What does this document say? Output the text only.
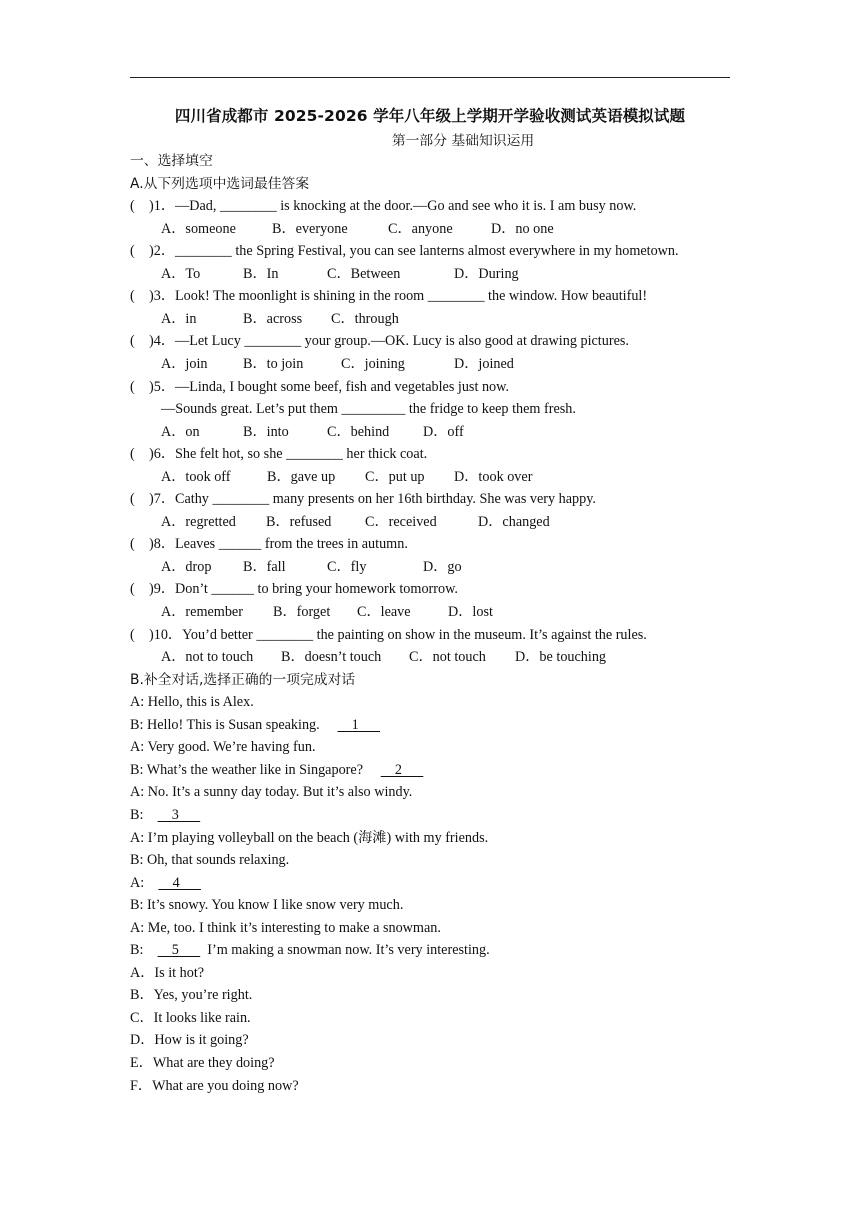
四川省成都市 2025-2026 学年八年级上学期开学验收测试英语模拟试题
第一部分 基础知识运用
一、选择填空
A.从下列选项中选词最佳答案
( )1．—Dad, ________ is knocking at the door.—Go and see who it is. I am busy now.
A．someone	B．everyone	C．anyone	D．no one
( )2．________ the Spring Festival, you can see lanterns almost everywhere in my hometown.
A．To	B．In	C．Between	D．During
( )3．Look! The moonlight is shining in the room ________ the window. How beautiful!
A．in	B．across C．through
( )4．—Let Lucy ________ your group.—OK. Lucy is also good at drawing pictures.
A．join B．to join	C．joining	D．joined
( )5．—Linda, I bought some beef, fish and vegetables just now.
—Sounds great. Let’s put them _________ the fridge to keep them fresh.
A．on	B．into	C．behind D．off
( )6．She felt hot, so she ________ her thick coat.
A．took off	B．gave up C．put up D．took over
( )7．Cathy ________ many presents on her 16th birthday. She was very happy.
A．regretted B．refused C．received	D．changed
( )8．Leaves ______ from the trees in autumn.
A．drop B．fall	C．fly	D．go
( )9．Don’t ______ to bring your homework tomorrow.
A．remember B．forget C．leave	D．lost
( )10．You’d better ________ the painting on show in the museum. It’s against the rules.
A．not to touch B．doesn’t touch C．not touch D．be touching
B.补全对话,选择正确的一项完成对话
A: Hello, this is Alex.
B: Hello! This is Susan speaking.         1
A: Very good. We’re having fun.
B: What’s the weather like in Singapore?         2
A: No. It’s a sunny day today. But it’s also windy.
B:        3
A: I’m playing volleyball on the beach (海滩) with my friends.
B: Oh, that sounds relaxing.
A:        4
B: It’s snowy. You know I like snow very much.
A: Me, too. I think it’s interesting to make a snowman.
B:        5        I’m making a snowman now. It’s very interesting.
A．Is it hot?
B．Yes, you’re right.
C．It looks like rain.
D．How is it going?
E．What are they doing?
F．What are you doing now?
